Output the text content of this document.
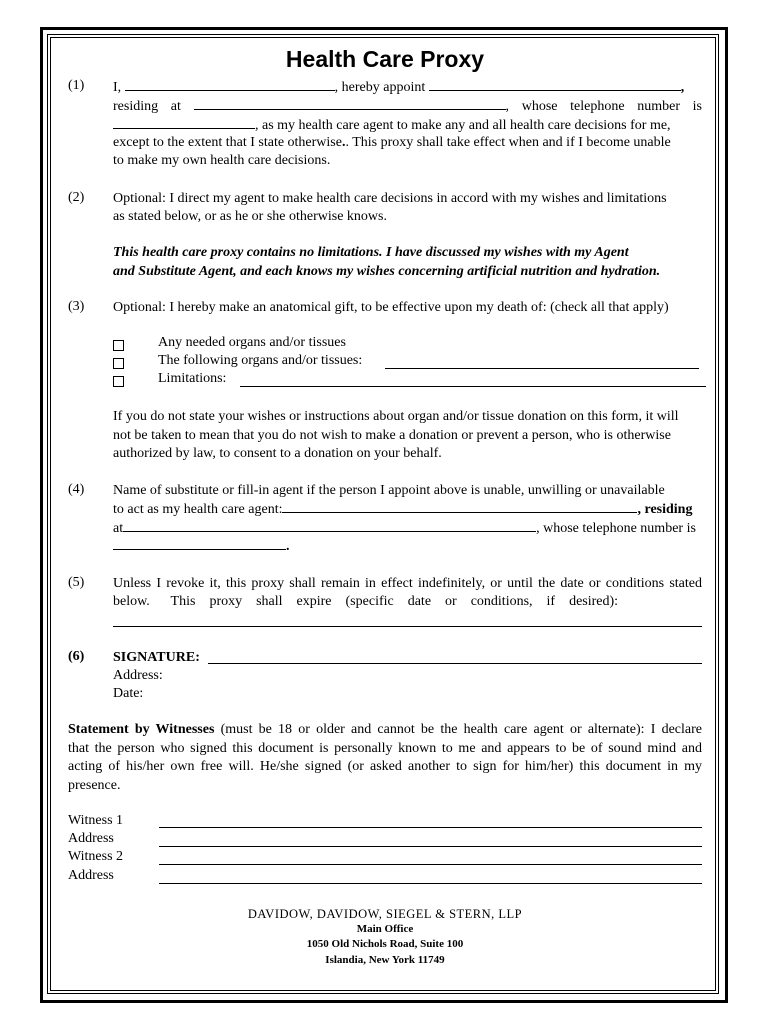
Health Care Proxy
(1) I,	, hereby appoint	,
residing at	, whose telephone number is
, as my health care agent to make any and all health care decisions for me,
except to the extent that I state otherwise.. This proxy shall take effect when and if I become unable
to make my own health care decisions.
(2) Optional: I direct my agent to make health care decisions in accord with my wishes and limitations
as stated below, or as he or she otherwise knows.
This health care proxy contains no limitations. I have discussed my wishes with my Agent
and Substitute Agent, and each knows my wishes concerning artificial nutrition and hydration.
(3) Optional: I hereby make an anatomical gift, to be effective upon my death of: (check all that apply)
Any needed organs and/or tissues
The following organs and/or tissues:
Limitations:
If you do not state your wishes or instructions about organ and/or tissue donation on this form, it will
not be taken to mean that you do not wish to make a donation or prevent a person, who is otherwise
authorized by law, to consent to a donation on your behalf.
(4) Name of substitute or fill-in agent if the person I appoint above is unable, unwilling or unavailable
to act as my health care agent:	, residing
at	, whose telephone number is
.
(5) Unless I revoke it, this proxy shall remain in effect indefinitely, or until the date or conditions stated
below.      This    proxy    shall    expire    (specific    date    or    conditions,    if    desired):
(6) SIGNATURE:
Address:
Date:
Statement by Witnesses (must be 18 or older and cannot be the health care agent or alternate): I declare
that the person who signed this document is personally known to me and appears to be of sound mind and
acting of his/her own free will. He/she signed (or asked another to sign for him/her) this document in my
presence.
Witness 1
Address
Witness 2
Address
DAVIDOW, DAVIDOW, SIEGEL & STERN, LLP
Main Office
1050 Old Nichols Road, Suite 100
Islandia, New York 11749
